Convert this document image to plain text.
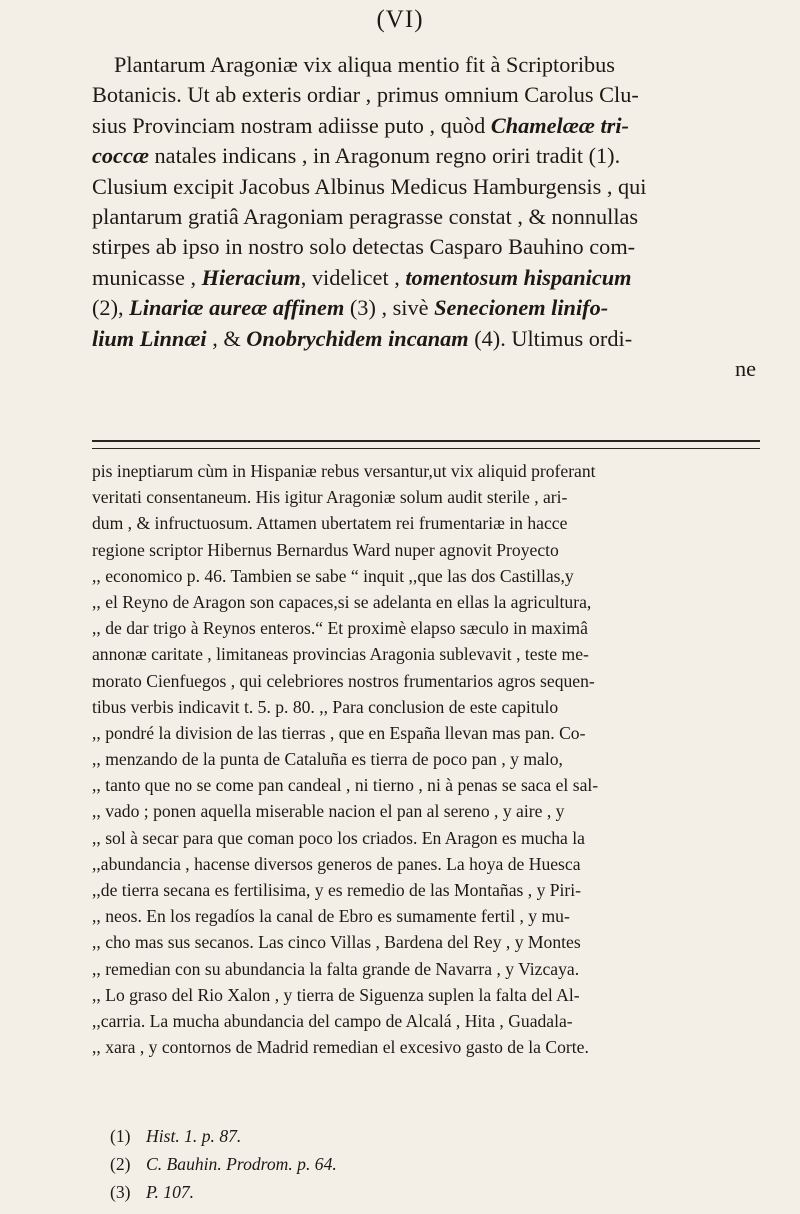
(VI)
Plantarum Aragoniæ vix aliqua mentio fit à Scriptoribus
Botanicis. Ut ab exteris ordiar , primus omnium Carolus Clu-
sius Provinciam nostram adiisse puto , quòd Chamelææ tri-
coccæ natales indicans , in Aragonum regno oriri tradit (1).
Clusium excipit Jacobus Albinus Medicus Hamburgensis , qui
plantarum gratiâ Aragoniam peragrasse constat , & nonnullas
stirpes ab ipso in nostro solo detectas Casparo Bauhino com-
municasse , Hieracium, videlicet , tomentosum hispanicum
(2), Linariæ aureæ affinem (3) , sivè Senecionem linifo-
lium Linnæi , & Onobrychidem incanam (4). Ultimus ordi-
ne
pis ineptiarum cùm in Hispaniæ rebus versantur,ut vix aliquid proferant
veritati consentaneum. His igitur Aragoniæ solum audit sterile , ari-
dum , & infructuosum. Attamen ubertatem rei frumentariæ in hacce
regione scriptor Hibernus Bernardus Ward nuper agnovit Proyecto
,, economico p. 46. Tambien se sabe “ inquit ,,que las dos Castillas,y
,, el Reyno de Aragon son capaces,si se adelanta en ellas la agricultura,
,, de dar trigo à Reynos enteros.“ Et proximè elapso sæculo in maximâ
annonæ caritate , limitaneas provincias Aragonia sublevavit , teste me-
morato Cienfuegos , qui celebriores nostros frumentarios agros sequen-
tibus verbis indicavit t. 5. p. 80. ,, Para conclusion de este capitulo
,, pondré la division de las tierras , que en España llevan mas pan. Co-
,, menzando de la punta de Cataluña es tierra de poco pan , y malo,
,, tanto que no se come pan candeal , ni tierno , ni à penas se saca el sal-
,, vado ; ponen aquella miserable nacion el pan al sereno , y aire , y
,, sol à secar para que coman poco los criados. En Aragon es mucha la
,,abundancia , hacense diversos generos de panes. La hoya de Huesca
,,de tierra secana es fertilisima, y es remedio de las Montañas , y Piri-
,, neos. En los regadíos la canal de Ebro es sumamente fertil , y mu-
,, cho mas sus secanos. Las cinco Villas , Bardena del Rey , y Montes
,, remedian con su abundancia la falta grande de Navarra , y Vizcaya.
,, Lo graso del Rio Xalon , y tierra de Siguenza suplen la falta del Al-
,,carria. La mucha abundancia del campo de Alcalá , Hita , Guadala-
,, xara , y contornos de Madrid remedian el excesivo gasto de la Corte.
(1) Hist. 1. p. 87.
(2) C. Bauhin. Prodrom. p. 64.
(3) P. 107.
